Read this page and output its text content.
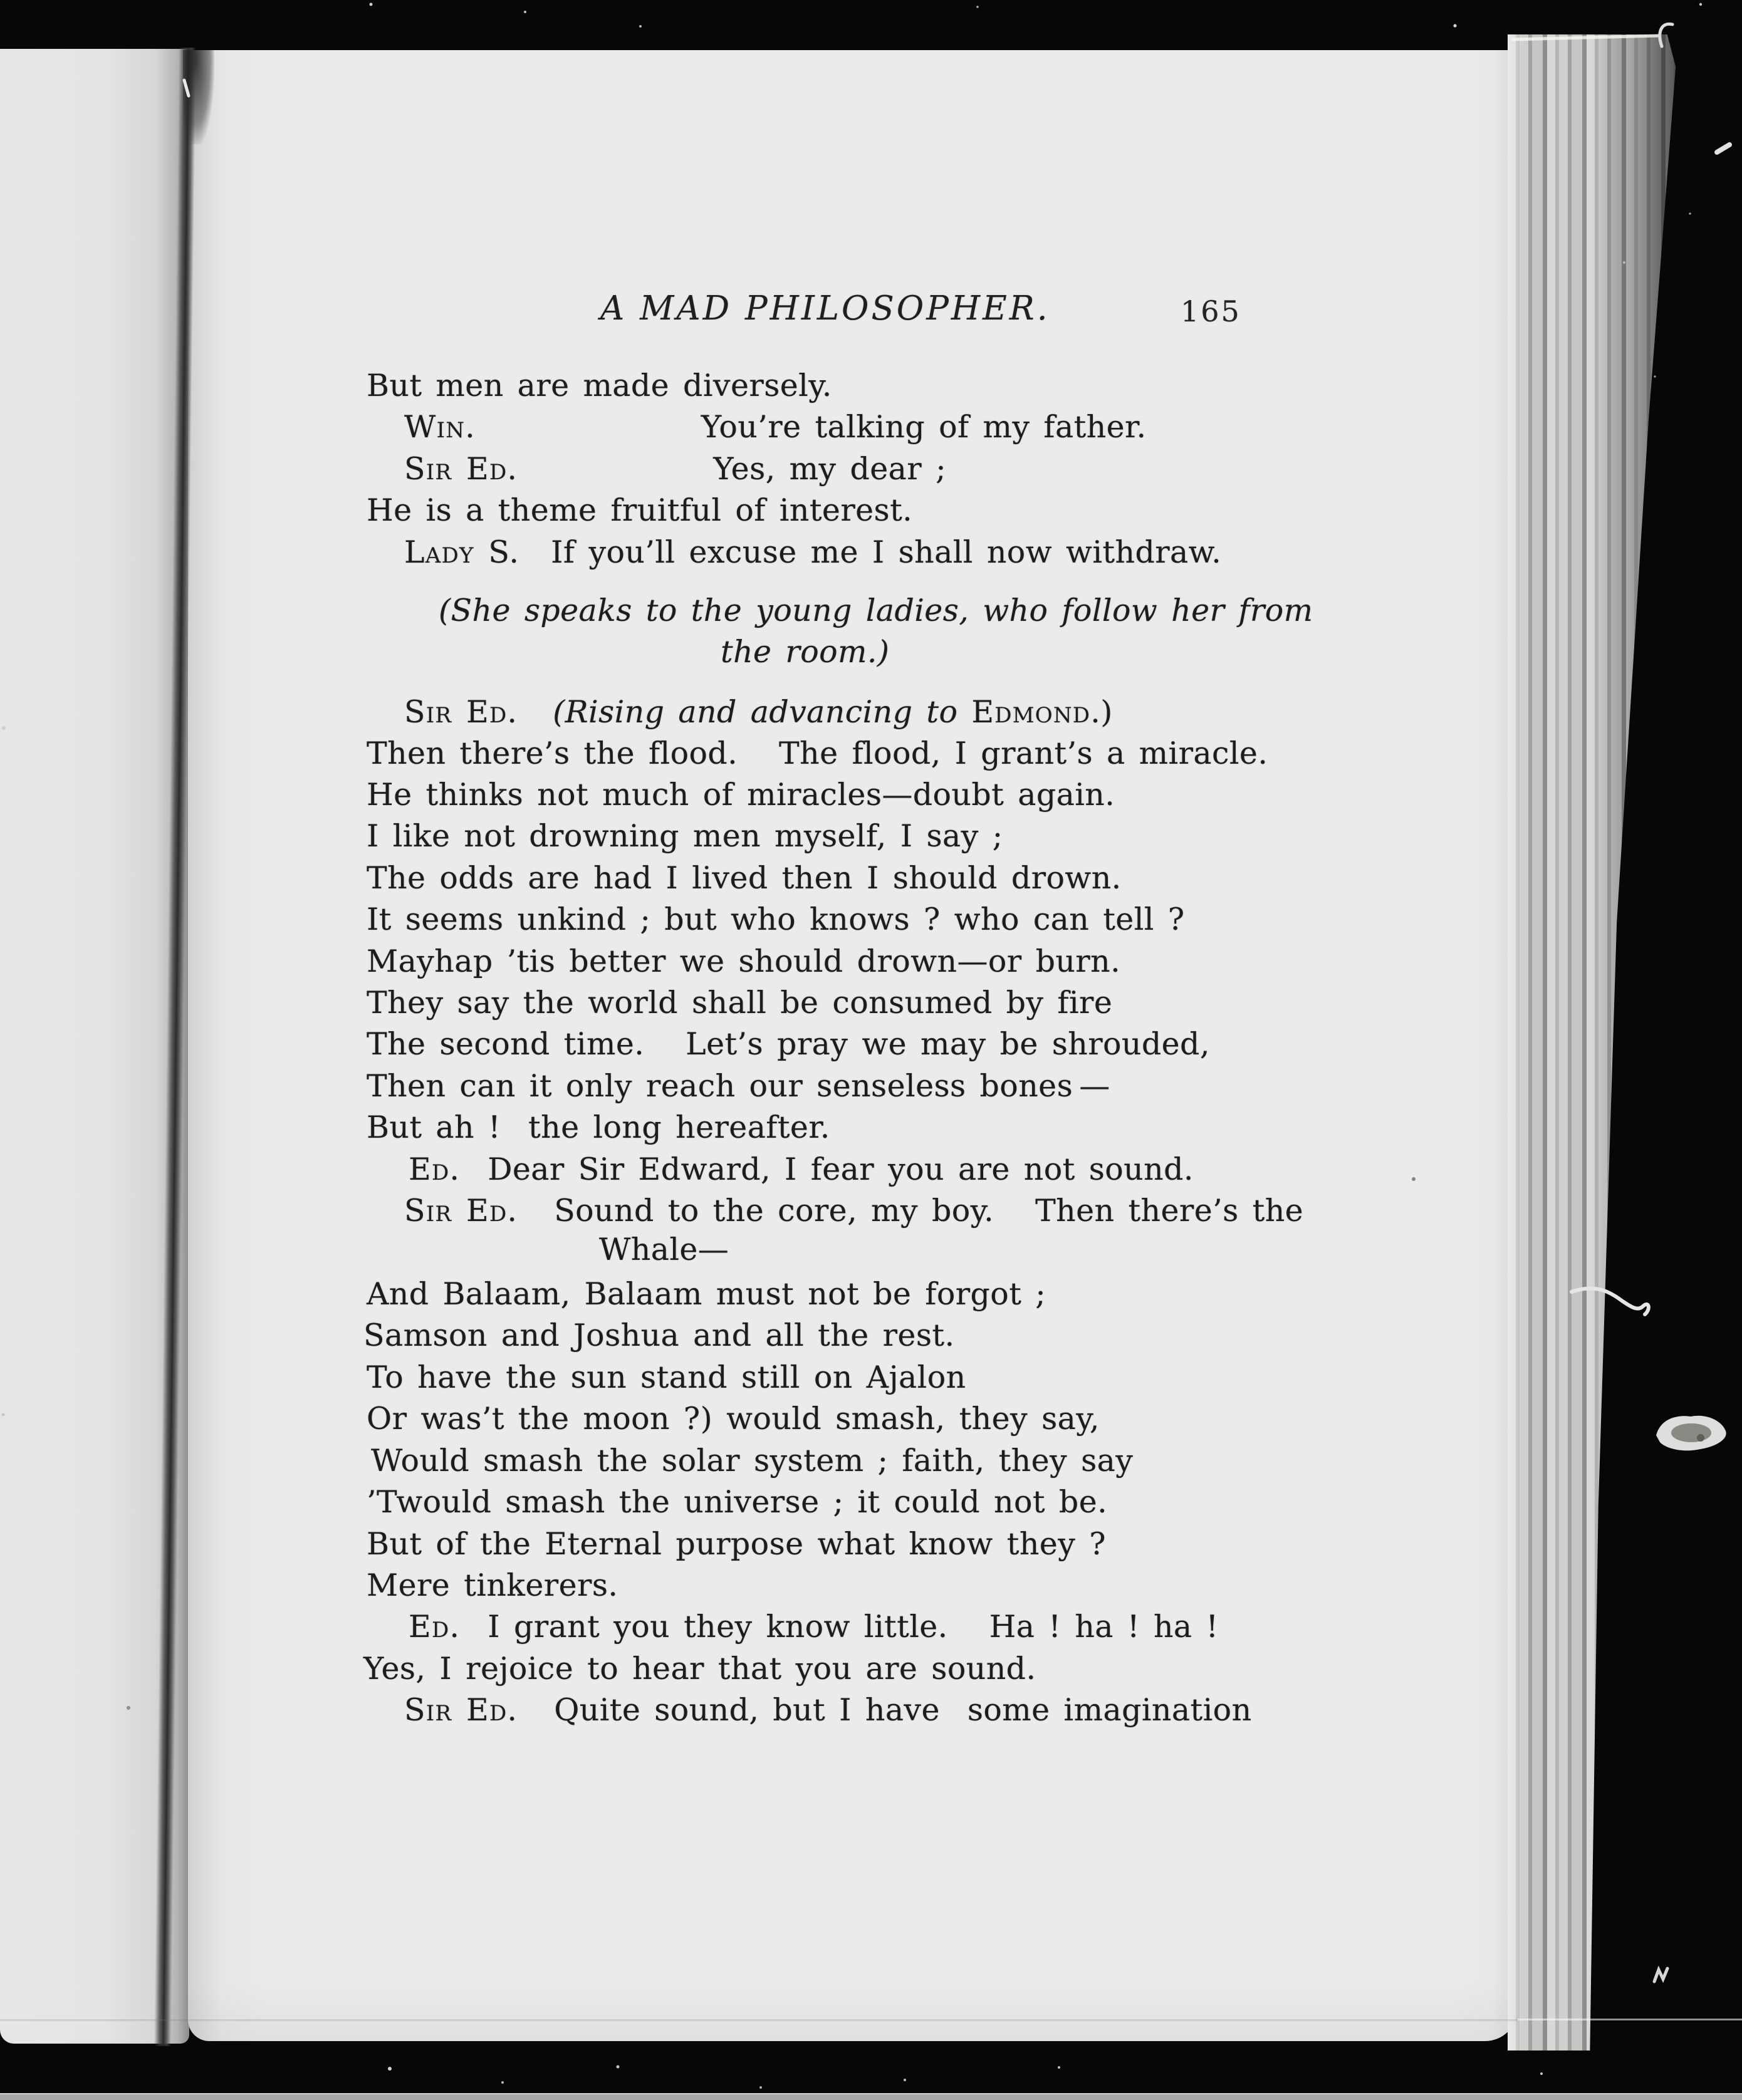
A MAD PHILOSOPHER.	165
But men are made diversely.
Win.	You’re talking of my father.
Sir Ed.	Yes, my dear ;
He is a theme fruitful of interest.
Lady S. If you’ll excuse me I shall now withdraw.
(She speaks to the young ladies, who follow her from
the room.)
Sir Ed. (Rising and advancing to Edmond.)
Then there’s the flood.   The flood, I grant’s a miracle.
He thinks not much of miracles—doubt again.
I like not drowning men myself, I say ;
The odds are had I lived then I should drown.
It seems unkind ; but who knows ? who can tell ?
Mayhap ’tis better we should drown—or burn.
They say the world shall be consumed by fire
The second time.   Let’s pray we may be shrouded,
Then can it only reach our senseless bones —
But ah !  the long hereafter.
Ed. Dear Sir Edward, I fear you are not sound.
Sir Ed. Sound to the core, my boy.   Then there’s the
Whale—
And Balaam, Balaam must not be forgot ;
Samson and Joshua and all the rest.
To have the sun stand still on Ajalon
Or was’t the moon ?) would smash, they say,
Would smash the solar system ; faith, they say
’Twould smash the universe ; it could not be.
But of the Eternal purpose what know they ?
Mere tinkerers.
Ed. I grant you they know little.   Ha ! ha ! ha !
Yes, I rejoice to hear that you are sound.
Sir Ed. Quite sound, but I have  some imagination
